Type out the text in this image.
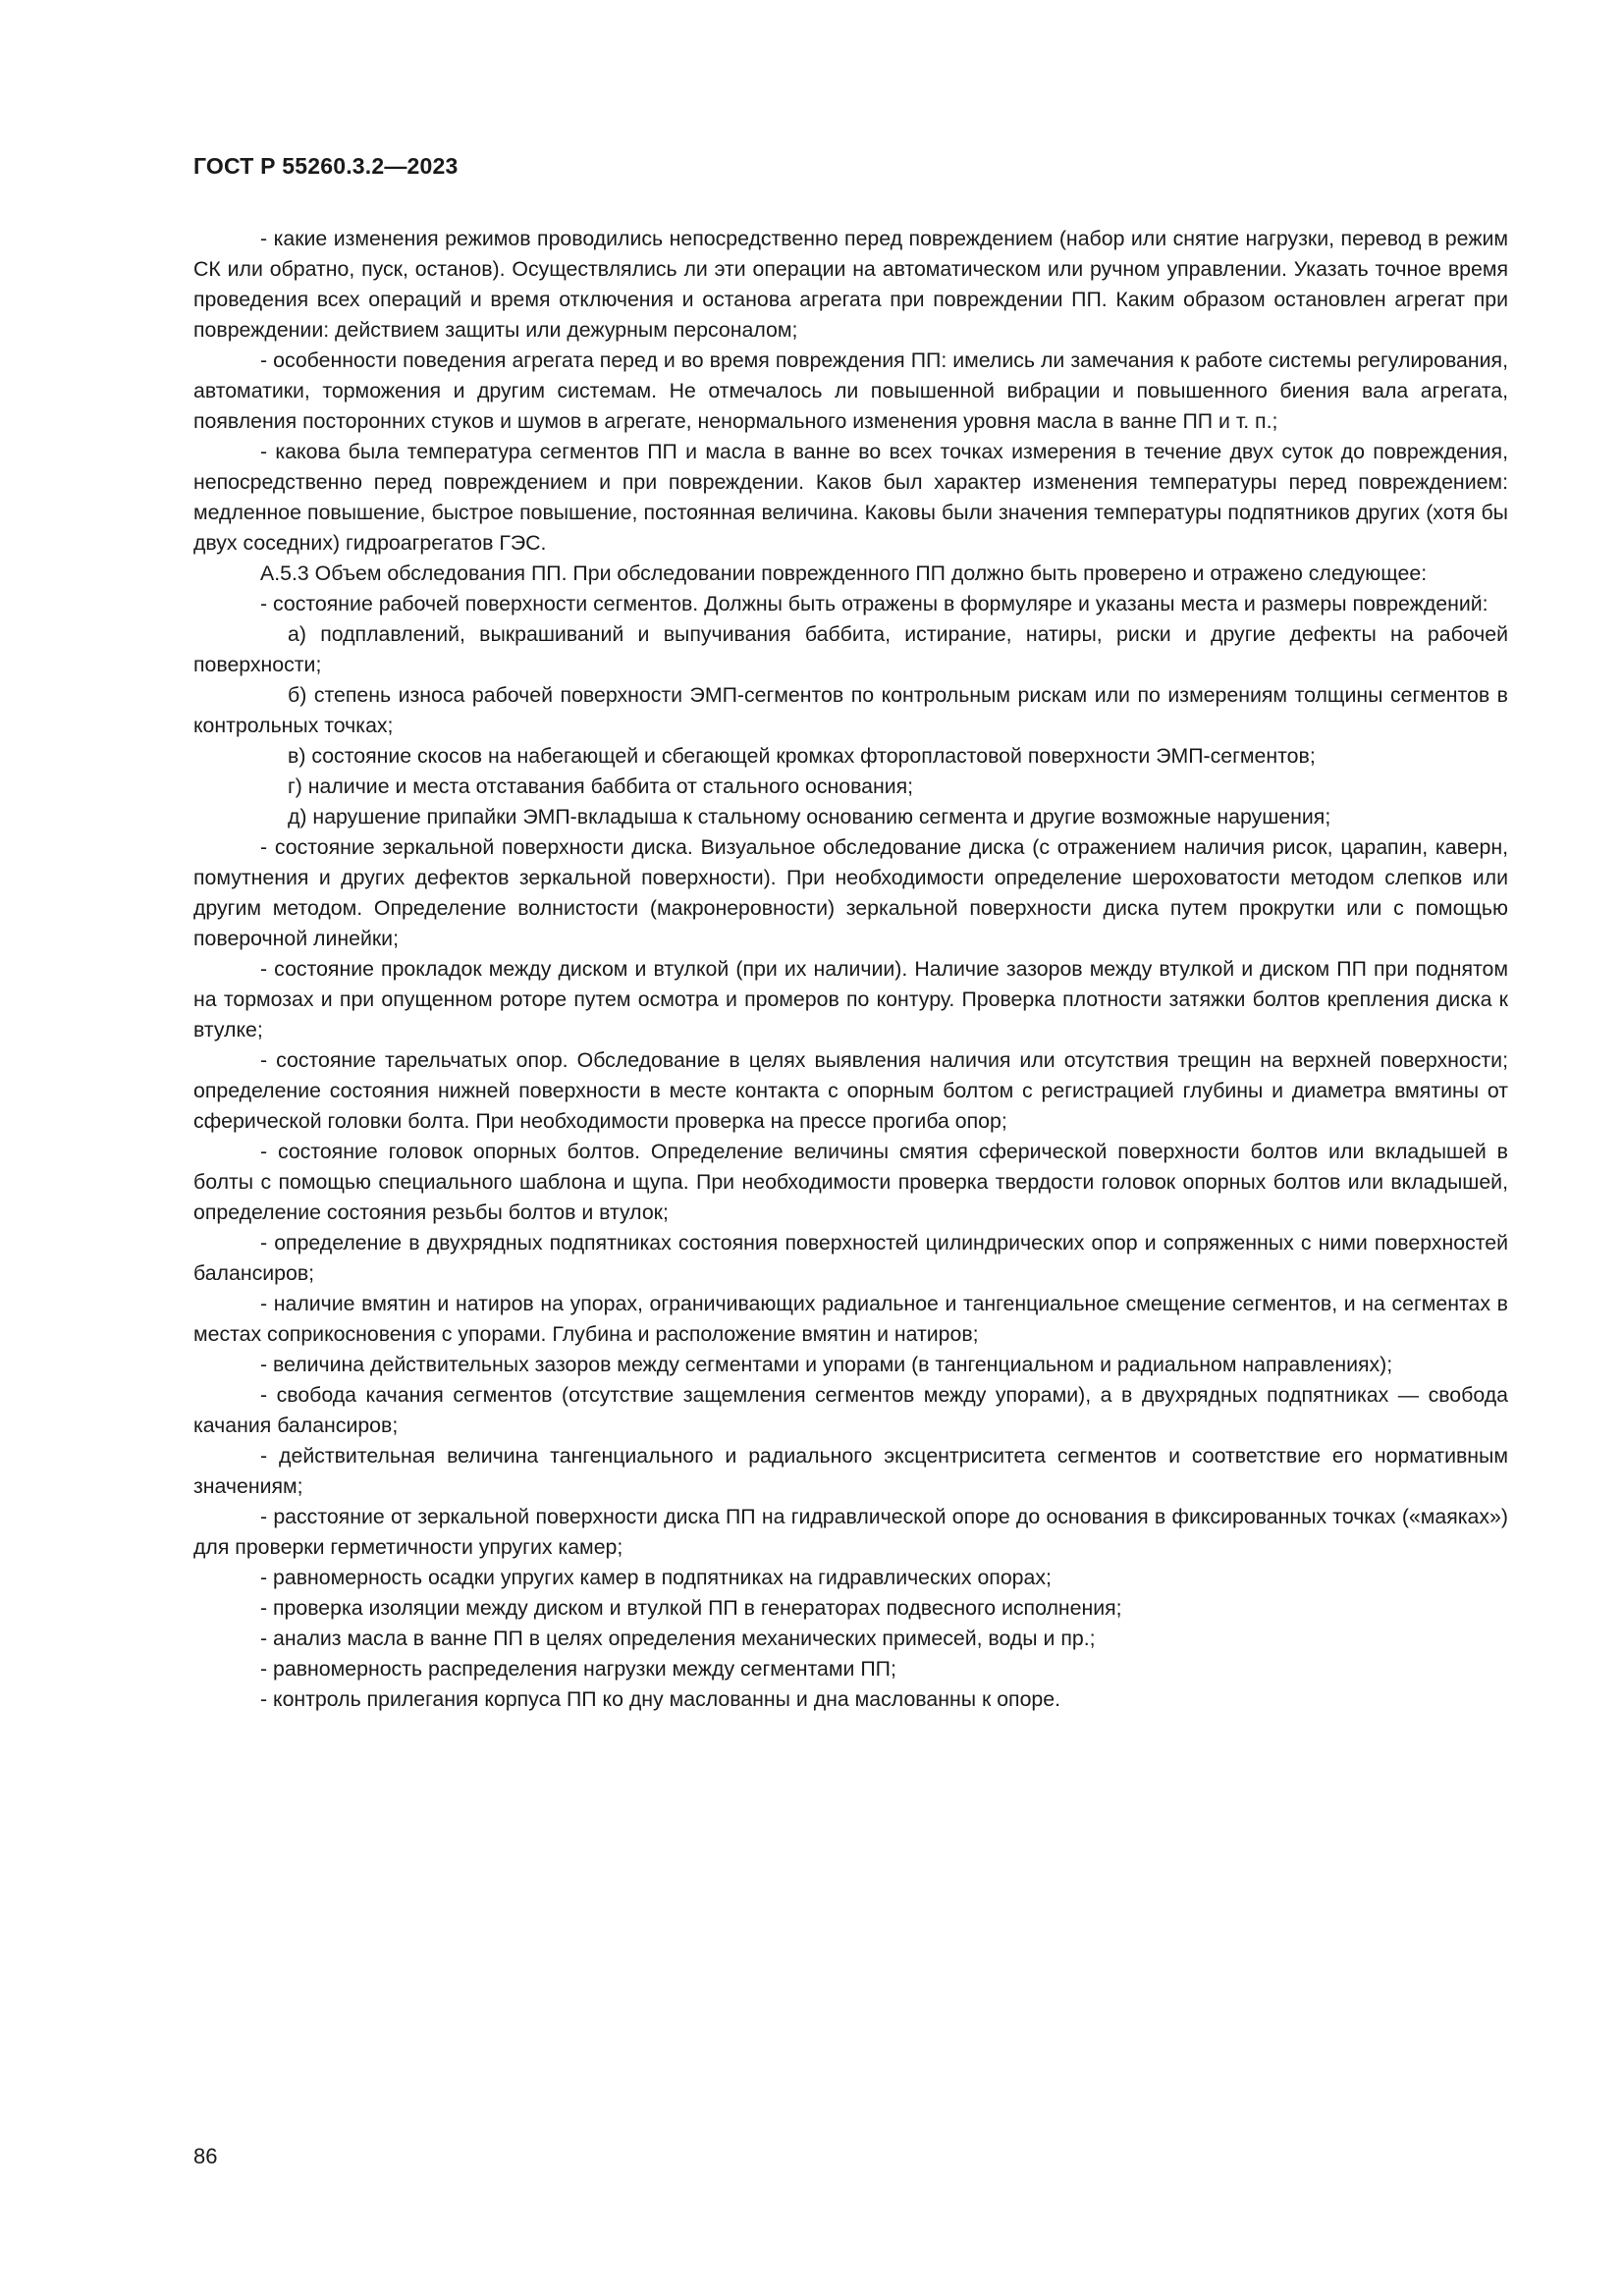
ГОСТ Р 55260.3.2—2023

- какие изменения режимов проводились непосредственно перед повреждением (набор или снятие нагрузки, перевод в режим СК или обратно, пуск, останов). Осуществлялись ли эти операции на автоматическом или ручном управлении. Указать точное время проведения всех операций и время отключения и останова агрегата при повреждении ПП. Каким образом остановлен агрегат при повреждении: действием защиты или дежурным персоналом;

- особенности поведения агрегата перед и во время повреждения ПП: имелись ли замечания к работе системы регулирования, автоматики, торможения и другим системам. Не отмечалось ли повышенной вибрации и повышенного биения вала агрегата, появления посторонних стуков и шумов в агрегате, ненормального изменения уровня масла в ванне ПП и т. п.;

- какова была температура сегментов ПП и масла в ванне во всех точках измерения в течение двух суток до повреждения, непосредственно перед повреждением и при повреждении. Каков был характер изменения температуры перед повреждением: медленное повышение, быстрое повышение, постоянная величина. Каковы были значения температуры подпятников других (хотя бы двух соседних) гидроагрегатов ГЭС.

А.5.3 Объем обследования ПП. При обследовании поврежденного ПП должно быть проверено и отражено следующее:

- состояние рабочей поверхности сегментов. Должны быть отражены в формуляре и указаны места и размеры повреждений:

а) подплавлений, выкрашиваний и выпучивания баббита, истирание, натиры, риски и другие дефекты на рабочей поверхности;

б) степень износа рабочей поверхности ЭМП-сегментов по контрольным рискам или по измерениям толщины сегментов в контрольных точках;

в) состояние скосов на набегающей и сбегающей кромках фторопластовой поверхности ЭМП-сегментов;

г) наличие и места отставания баббита от стального основания;

д) нарушение припайки ЭМП-вкладыша к стальному основанию сегмента и другие возможные нарушения;

- состояние зеркальной поверхности диска. Визуальное обследование диска (с отражением наличия рисок, царапин, каверн, помутнения и других дефектов зеркальной поверхности). При необходимости определение шероховатости методом слепков или другим методом. Определение волнистости (макронеровности) зеркальной поверхности диска путем прокрутки или с помощью поверочной линейки;

- состояние прокладок между диском и втулкой (при их наличии). Наличие зазоров между втулкой и диском ПП при поднятом на тормозах и при опущенном роторе путем осмотра и промеров по контуру. Проверка плотности затяжки болтов крепления диска к втулке;

- состояние тарельчатых опор. Обследование в целях выявления наличия или отсутствия трещин на верхней поверхности; определение состояния нижней поверхности в месте контакта с опорным болтом с регистрацией глубины и диаметра вмятины от сферической головки болта. При необходимости проверка на прессе прогиба опор;

- состояние головок опорных болтов. Определение величины смятия сферической поверхности болтов или вкладышей в болты с помощью специального шаблона и щупа. При необходимости проверка твердости головок опорных болтов или вкладышей, определение состояния резьбы болтов и втулок;

- определение в двухрядных подпятниках состояния поверхностей цилиндрических опор и сопряженных с ними поверхностей балансиров;

- наличие вмятин и натиров на упорах, ограничивающих радиальное и тангенциальное смещение сегментов, и на сегментах в местах соприкосновения с упорами. Глубина и расположение вмятин и натиров;

- величина действительных зазоров между сегментами и упорами (в тангенциальном и радиальном направлениях);

- свобода качания сегментов (отсутствие защемления сегментов между упорами), а в двухрядных подпятниках — свобода качания балансиров;

- действительная величина тангенциального и радиального эксцентриситета сегментов и соответствие его нормативным значениям;

- расстояние от зеркальной поверхности диска ПП на гидравлической опоре до основания в фиксированных точках («маяках») для проверки герметичности упругих камер;

- равномерность осадки упругих камер в подпятниках на гидравлических опорах;

- проверка изоляции между диском и втулкой ПП в генераторах подвесного исполнения;

- анализ масла в ванне ПП в целях определения механических примесей, воды и пр.;

- равномерность распределения нагрузки между сегментами ПП;

- контроль прилегания корпуса ПП ко дну маслованны и дна маслованны к опоре.

86
